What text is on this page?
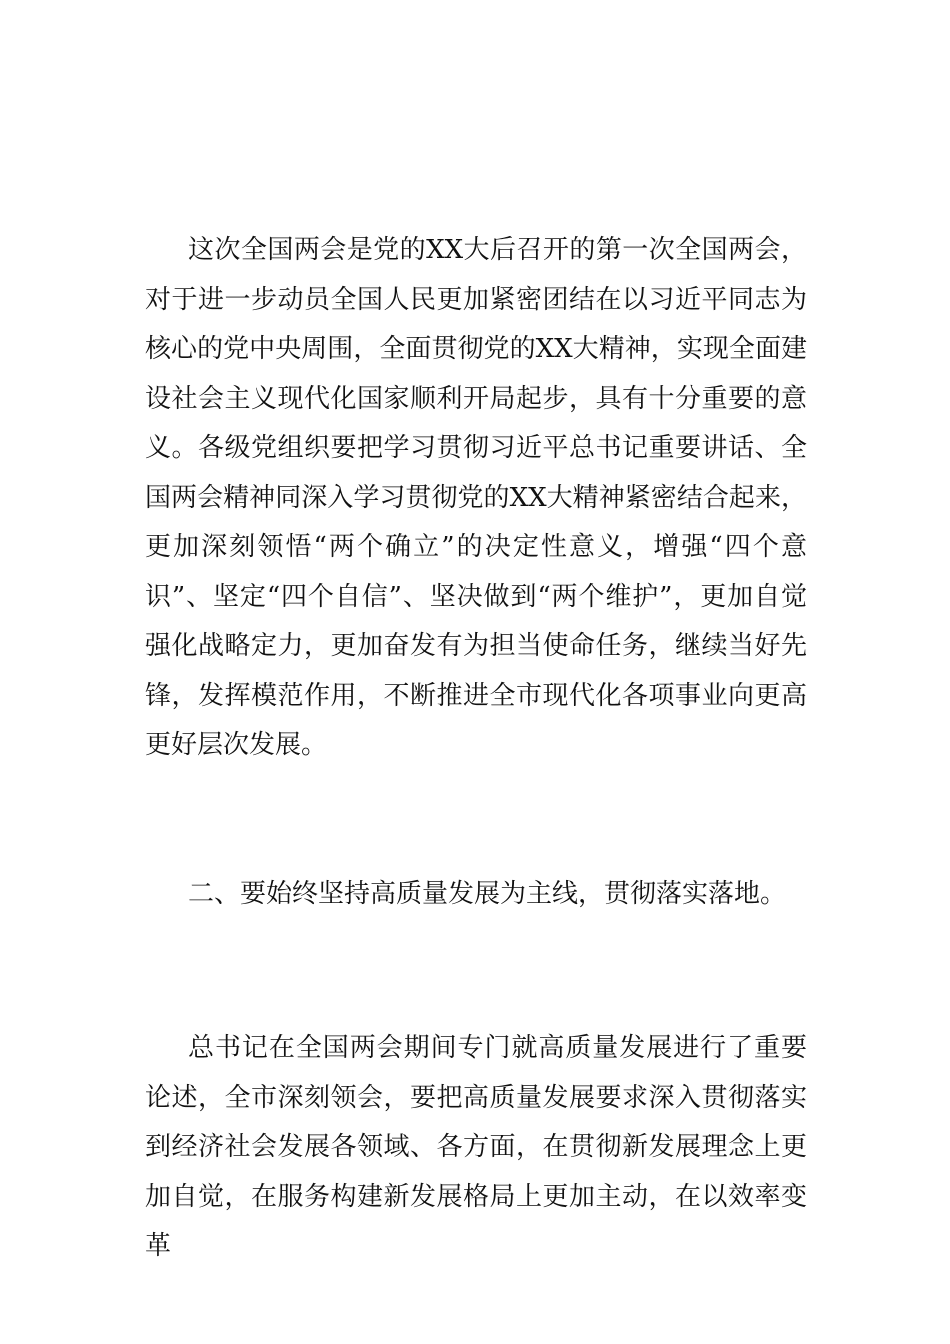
这次全国两会是党的XX大后召开的第一次全国两会，对于进一步动员全国人民更加紧密团结在以习近平同志为核心的党中央周围，全面贯彻党的XX大精神，实现全面建设社会主义现代化国家顺利开局起步，具有十分重要的意义。各级党组织要把学习贯彻习近平总书记重要讲话、全国两会精神同深入学习贯彻党的XX大精神紧密结合起来，更加深刻领悟“两个确立”的决定性意义，增强“四个意识”、坚定“四个自信”、坚决做到“两个维护”，更加自觉强化战略定力，更加奋发有为担当使命任务，继续当好先锋，发挥模范作用，不断推进全市现代化各项事业向更高更好层次发展。

二、要始终坚持高质量发展为主线，贯彻落实落地。

总书记在全国两会期间专门就高质量发展进行了重要论述，全市深刻领会，要把高质量发展要求深入贯彻落实到经济社会发展各领域、各方面，在贯彻新发展理念上更加自觉，在服务构建新发展格局上更加主动，在以效率变革
